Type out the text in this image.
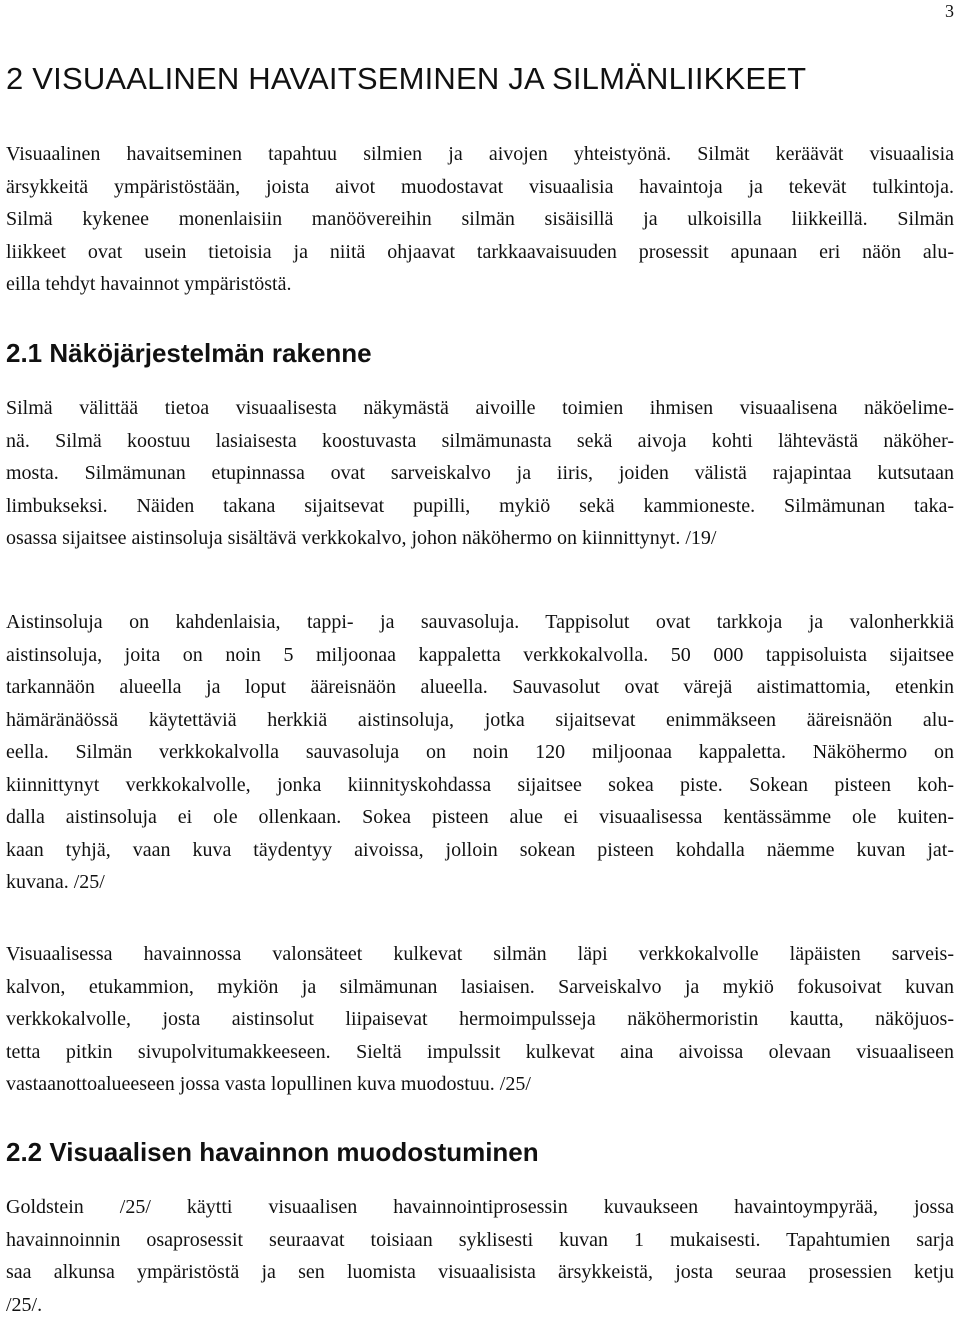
3
2 VISUAALINEN HAVAITSEMINEN JA SILMÄNLIIKKEET
Visuaalinen havaitseminen tapahtuu silmien ja aivojen yhteistyönä. Silmät keräävät visuaalisia
ärsykkeitä ympäristöstään, joista aivot muodostavat visuaalisia havaintoja ja tekevät tulkintoja.
Silmä kykenee monenlaisiin manöövereihin silmän sisäisillä ja ulkoisilla liikkeillä. Silmän
liikkeet ovat usein tietoisia ja niitä ohjaavat tarkkaavaisuuden prosessit apunaan eri näön alu-
eilla tehdyt havainnot ympäristöstä.
2.1 Näköjärjestelmän rakenne
Silmä välittää tietoa visuaalisesta näkymästä aivoille toimien ihmisen visuaalisena näköelime-
nä. Silmä koostuu lasiaisesta koostuvasta silmämunasta sekä aivoja kohti lähtevästä näköher-
mosta. Silmämunan etupinnassa ovat sarveiskalvo ja iiris, joiden välistä rajapintaa kutsutaan
limbukseksi. Näiden takana sijaitsevat pupilli, mykiö sekä kammioneste. Silmämunan taka-
osassa sijaitsee aistinsoluja sisältävä verkkokalvo, johon näköhermo on kiinnittynyt. /19/
Aistinsoluja on kahdenlaisia, tappi- ja sauvasoluja. Tappisolut ovat tarkkoja ja valonherkkiä
aistinsoluja, joita on noin 5 miljoonaa kappaletta verkkokalvolla. 50 000 tappisoluista sijaitsee
tarkannäön alueella ja loput ääreisnäön alueella. Sauvasolut ovat värejä aistimattomia, etenkin
hämäränäössä käytettäviä herkkiä aistinsoluja, jotka sijaitsevat enimmäkseen ääreisnäön alu-
eella. Silmän verkkokalvolla sauvasoluja on noin 120 miljoonaa kappaletta. Näköhermo on
kiinnittynyt verkkokalvolle, jonka kiinnityskohdassa sijaitsee sokea piste. Sokean pisteen koh-
dalla aistinsoluja ei ole ollenkaan. Sokea pisteen alue ei visuaalisessa kentässämme ole kuiten-
kaan tyhjä, vaan kuva täydentyy aivoissa, jolloin sokean pisteen kohdalla näemme kuvan jat-
kuvana. /25/
Visuaalisessa havainnossa valonsäteet kulkevat silmän läpi verkkokalvolle läpäisten sarveis-
kalvon, etukammion, mykiön ja silmämunan lasiaisen. Sarveiskalvo ja mykiö fokusoivat kuvan
verkkokalvolle, josta aistinsolut liipaisevat hermoimpulsseja näköhermoristin kautta, näköjuos-
tetta pitkin sivupolvitumakkeeseen. Sieltä impulssit kulkevat aina aivoissa olevaan visuaaliseen
vastaanottoalueeseen jossa vasta lopullinen kuva muodostuu. /25/
2.2 Visuaalisen havainnon muodostuminen
Goldstein /25/ käytti visuaalisen havainnointiprosessin kuvaukseen havaintoympyrää, jossa
havainnoinnin osaprosessit seuraavat toisiaan syklisesti kuvan 1 mukaisesti. Tapahtumien sarja
saa alkunsa ympäristöstä ja sen luomista visuaalisista ärsykkeistä, josta seuraa prosessien ketju
/25/.
